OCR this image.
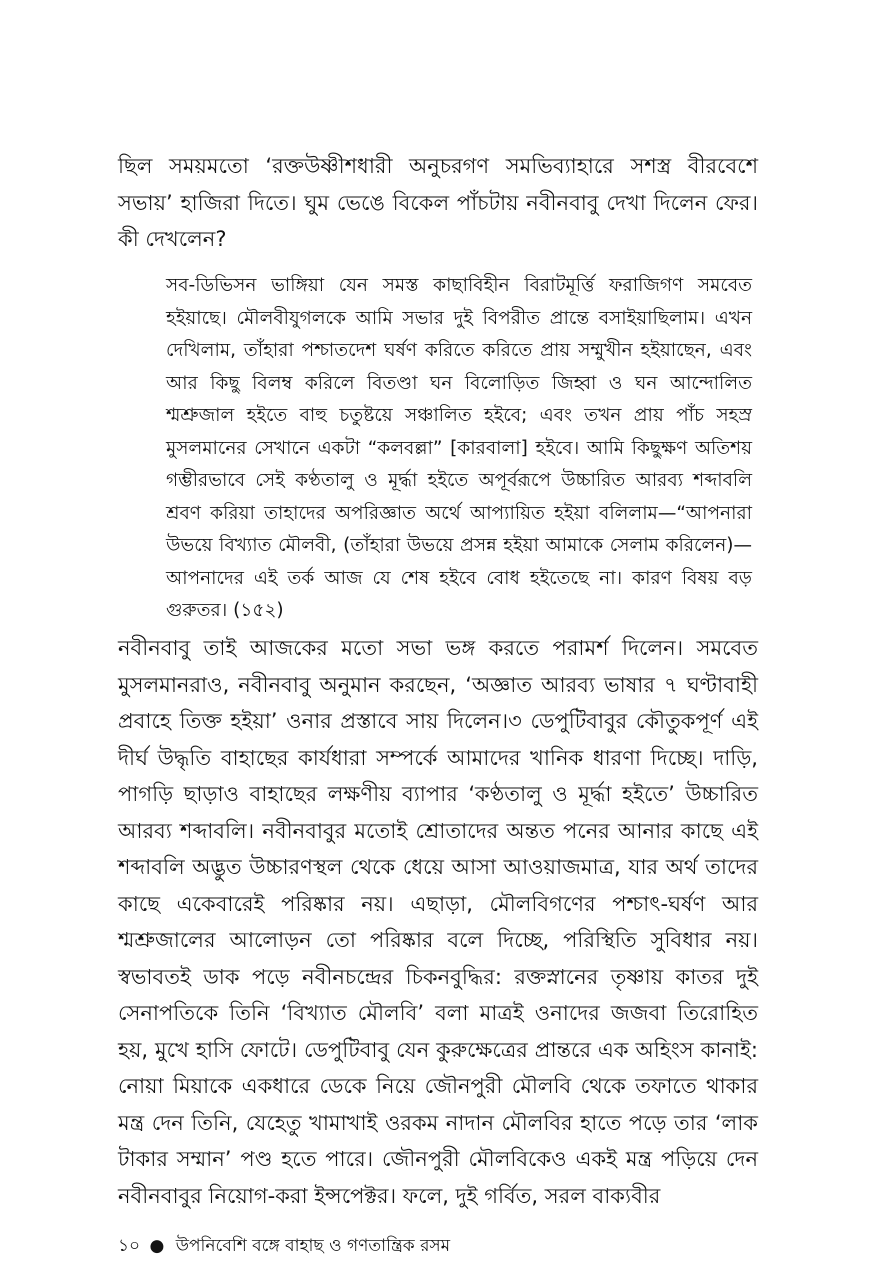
ছিল সময়মতো ‘রক্তউষ্ণীশধারী অনুচরগণ সমভিব্যাহারে সশস্ত্র বীরবেশে সভায়’ হাজিরা দিতে। ঘুম ভেঙে বিকেল পাঁচটায় নবীনবাবু দেখা দিলেন ফের। কী দেখলেন?

সব-ডিভিসন ভাঙ্গিয়া যেন সমস্ত কাছাবিহীন বিরাটমূর্ত্তি ফরাজিগণ সমবেত হইয়াছে। মৌলবীযুগলকে আমি সভার দুই বিপরীত প্রান্তে বসাইয়াছিলাম। এখন দেখিলাম, তাঁহারা পশ্চাতদেশ ঘর্ষণ করিতে করিতে প্রায় সম্মুখীন হইয়াছেন, এবং আর কিছু বিলম্ব করিলে বিতণ্ডা ঘন বিলোড়িত জিহ্বা ও ঘন আন্দোলিত শ্মশ্রুজাল হইতে বাহু চতুষ্টয়ে সঞ্চালিত হইবে; এবং তখন প্রায় পাঁচ সহস্র মুসলমানের সেখানে একটা “কলবল্লা” [কারবালা] হইবে। আমি কিছুক্ষণ অতিশয় গম্ভীরভাবে সেই কণ্ঠতালু ও মূর্দ্ধা হইতে অপূর্বরূপে উচ্চারিত আরব্য শব্দাবলি শ্রবণ করিয়া তাহাদের অপরিজ্ঞাত অর্থে আপ্যায়িত হইয়া বলিলাম—“আপনারা উভয়ে বিখ্যাত মৌলবী, (তাঁহারা উভয়ে প্রসন্ন হইয়া আমাকে সেলাম করিলেন)—আপনাদের এই তর্ক আজ যে শেষ হইবে বোধ হইতেছে না। কারণ বিষয় বড় গুরুতর। (১৫২)

নবীনবাবু তাই আজকের মতো সভা ভঙ্গ করতে পরামর্শ দিলেন। সমবেত মুসলমানরাও, নবীনবাবু অনুমান করছেন, ‘অজ্ঞাত আরব্য ভাষার ৭ ঘণ্টাবাহী প্রবাহে তিক্ত হইয়া’ ওনার প্রস্তাবে সায় দিলেন।৩ ডেপুটিবাবুর কৌতুকপূর্ণ এই দীর্ঘ উদ্ধৃতি বাহাছের কার্যধারা সম্পর্কে আমাদের খানিক ধারণা দিচ্ছে। দাড়ি, পাগড়ি ছাড়াও বাহাছের লক্ষণীয় ব্যাপার ‘কণ্ঠতালু ও মূর্দ্ধা হইতে’ উচ্চারিত আরব্য শব্দাবলি। নবীনবাবুর মতোই শ্রোতাদের অন্তত পনের আনার কাছে এই শব্দাবলি অদ্ভুত উচ্চারণস্থল থেকে ধেয়ে আসা আওয়াজমাত্র, যার অর্থ তাদের কাছে একেবারেই পরিষ্কার নয়। এছাড়া, মৌলবিগণের পশ্চাৎ-ঘর্ষণ আর শ্মশ্রুজালের আলোড়ন তো পরিষ্কার বলে দিচ্ছে, পরিস্থিতি সুবিধার নয়। স্বভাবতই ডাক পড়ে নবীনচন্দ্রের চিকনবুদ্ধির: রক্তস্নানের তৃষ্ণায় কাতর দুই সেনাপতিকে তিনি ‘বিখ্যাত মৌলবি’ বলা মাত্রই ওনাদের জজবা তিরোহিত হয়, মুখে হাসি ফোটে। ডেপুটিবাবু যেন কুরুক্ষেত্রের প্রান্তরে এক অহিংস কানাই: নোয়া মিয়াকে একধারে ডেকে নিয়ে জৌনপুরী মৌলবি থেকে তফাতে থাকার মন্ত্র দেন তিনি, যেহেতু খামাখাই ওরকম নাদান মৌলবির হাতে পড়ে তার ‘লাক টাকার সম্মান’ পণ্ড হতে পারে। জৌনপুরী মৌলবিকেও একই মন্ত্র পড়িয়ে দেন নবীনবাবুর নিয়োগ-করা ইন্সপেক্টর। ফলে, দুই গর্বিত, সরল বাক্যবীর

১০ ● উপনিবেশি বঙ্গে বাহাছ ও গণতান্ত্রিক রসম
